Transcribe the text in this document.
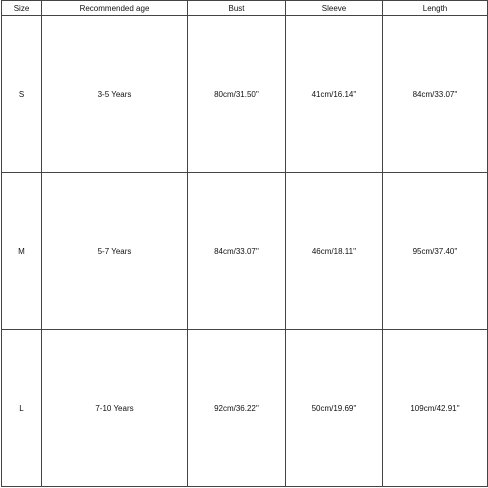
Size	Recommended age	Bust	Sleeve	Length
S	3-5 Years	80cm/31.50''	41cm/16.14''	84cm/33.07''
M	5-7 Years	84cm/33.07''	46cm/18.11''	95cm/37.40''
L	7-10 Years	92cm/36.22''	50cm/19.69''	109cm/42.91''
